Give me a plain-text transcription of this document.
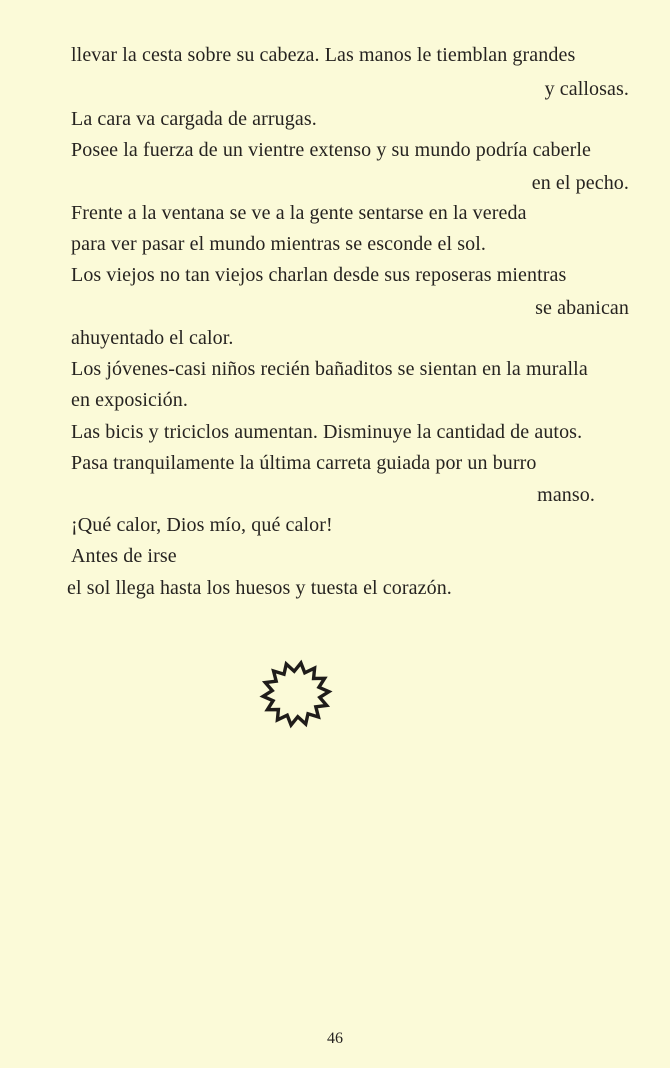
llevar la cesta sobre su cabeza. Las manos le tiemblan grandes
y callosas.
La cara va cargada de arrugas.
Posee la fuerza de un vientre extenso y su mundo podría caberle
en el pecho.
Frente a la ventana se ve a la gente sentarse en la vereda
para ver pasar el mundo mientras se esconde el sol.
Los viejos no tan viejos charlan desde sus reposeras mientras
se abanican
ahuyentado el calor.
Los jóvenes-casi niños recién bañaditos se sientan en la muralla
en exposición.
Las bicis y triciclos aumentan. Disminuye la cantidad de autos.
Pasa tranquilamente la última carreta guiada por un burro
manso.
¡Qué calor, Dios mío, qué calor!
Antes de irse
el sol llega hasta los huesos y tuesta el corazón.
46
